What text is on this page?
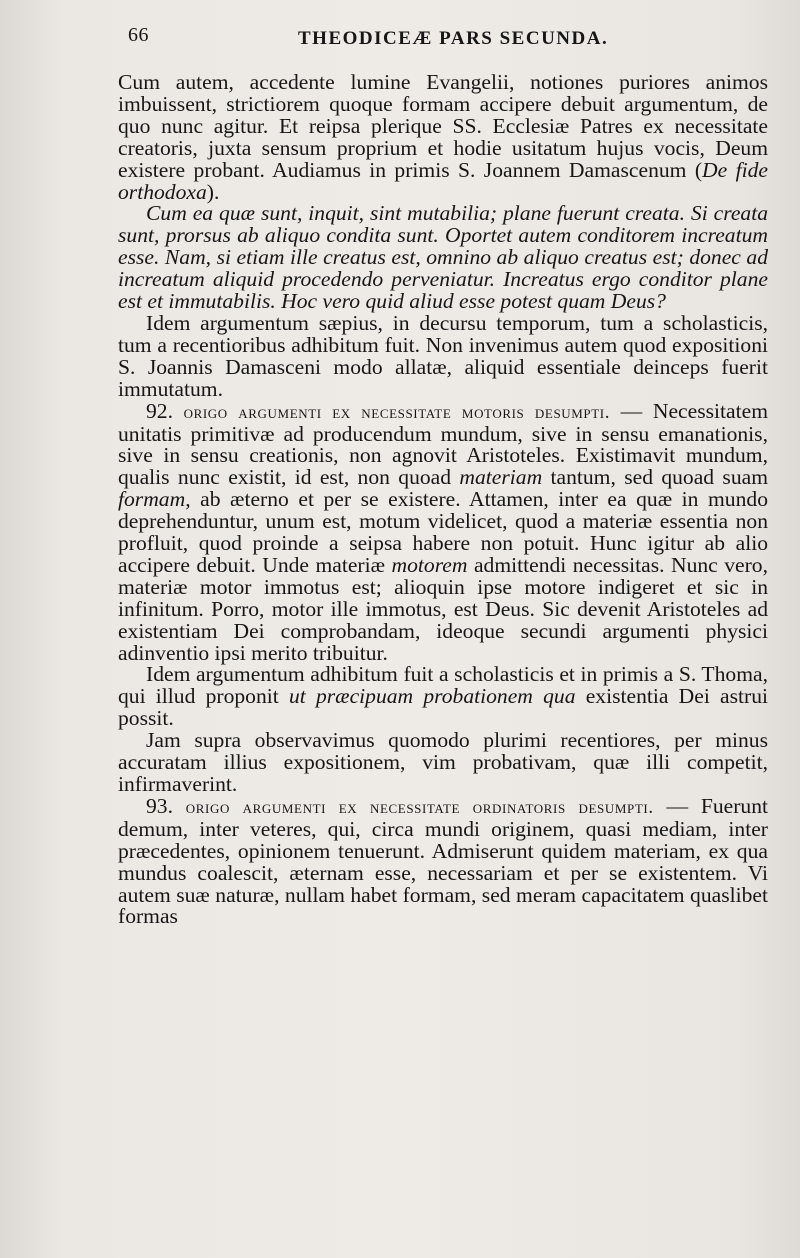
66	THEODICEÆ PARS SECUNDA.

Cum autem, accedente lumine Evangelii, notiones puriores animos imbuissent, strictiorem quoque formam accipere debuit argumentum, de quo nunc agitur. Et reipsa plerique SS. Ecclesiæ Patres ex necessitate creatoris, juxta sensum proprium et hodie usitatum hujus vocis, Deum existere probant. Audiamus in primis S. Joannem Damascenum (De fide orthodoxa).

Cum ea quæ sunt, inquit, sint mutabilia; plane fuerunt creata. Si creata sunt, prorsus ab aliquo condita sunt. Oportet autem conditorem increatum esse. Nam, si etiam ille creatus est, omnino ab aliquo creatus est; donec ad increatum aliquid procedendo perveniatur. Increatus ergo conditor plane est et immutabilis. Hoc vero quid aliud esse potest quam Deus?

Idem argumentum sæpius, in decursu temporum, tum a scholasticis, tum a recentioribus adhibitum fuit. Non invenimus autem quod expositioni S. Joannis Damasceni modo allatæ, aliquid essentiale deinceps fuerit immutatum.

92. origo argumenti ex necessitate motoris desumpti. — Necessitatem unitatis primitivæ ad producendum mundum, sive in sensu emanationis, sive in sensu creationis, non agnovit Aristoteles. Existimavit mundum, qualis nunc existit, id est, non quoad materiam tantum, sed quoad suam formam, ab æterno et per se existere. Attamen, inter ea quæ in mundo deprehenduntur, unum est, motum videlicet, quod a materiæ essentia non profluit, quod proinde a seipsa habere non potuit. Hunc igitur ab alio accipere debuit. Unde materiæ motorem admittendi necessitas. Nunc vero, materiæ motor immotus est; alioquin ipse motore indigeret et sic in infinitum. Porro, motor ille immotus, est Deus. Sic devenit Aristoteles ad existentiam Dei comprobandam, ideoque secundi argumenti physici adinventio ipsi merito tribuitur.

Idem argumentum adhibitum fuit a scholasticis et in primis a S. Thoma, qui illud proponit ut præcipuam probationem qua existentia Dei astrui possit.

Jam supra observavimus quomodo plurimi recentiores, per minus accuratam illius expositionem, vim probativam, quæ illi competit, infirmaverint.

93. origo argumenti ex necessitate ordinatoris desumpti. — Fuerunt demum, inter veteres, qui, circa mundi originem, quasi mediam, inter præcedentes, opinionem tenuerunt. Admiserunt quidem materiam, ex qua mundus coalescit, æternam esse, necessariam et per se existentem. Vi autem suæ naturæ, nullam habet formam, sed meram capacitatem quaslibet formas
